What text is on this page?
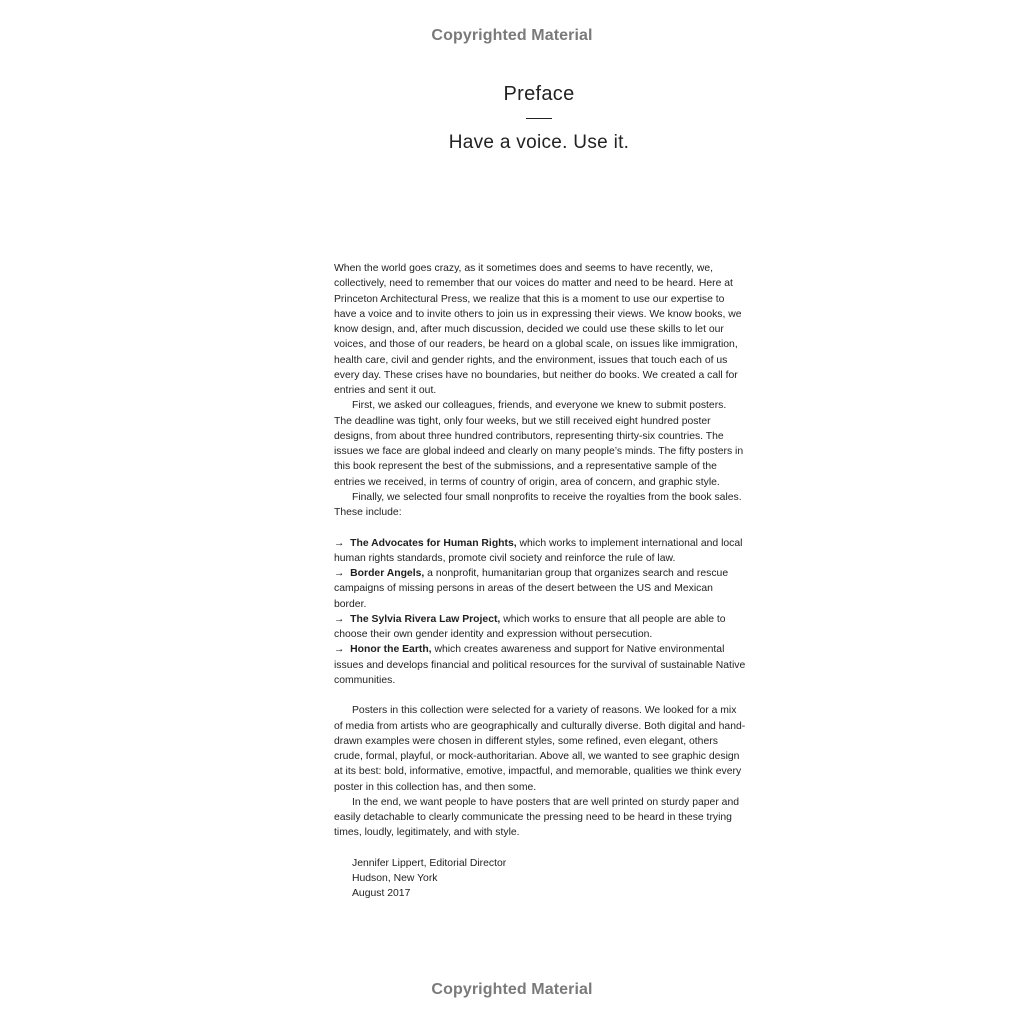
Copyrighted Material
Preface
Have a voice. Use it.

When the world goes crazy, as it sometimes does and seems to have recently, we, collectively, need to remember that our voices do matter and need to be heard. Here at Princeton Architectural Press, we realize that this is a moment to use our expertise to have a voice and to invite others to join us in expressing their views. We know books, we know design, and, after much discussion, decided we could use these skills to let our voices, and those of our readers, be heard on a global scale, on issues like immigration, health care, civil and gender rights, and the environment, issues that touch each of us every day. These crises have no boundaries, but neither do books. We created a call for entries and sent it out.

First, we asked our colleagues, friends, and everyone we knew to submit posters. The deadline was tight, only four weeks, but we still received eight hundred poster designs, from about three hundred contributors, representing thirty-six countries. The issues we face are global indeed and clearly on many people’s minds. The fifty posters in this book represent the best of the submissions, and a representative sample of the entries we received, in terms of country of origin, area of concern, and graphic style.

Finally, we selected four small nonprofits to receive the royalties from the book sales. These include:

→ The Advocates for Human Rights, which works to implement international and local human rights standards, promote civil society and reinforce the rule of law.

→ Border Angels, a nonprofit, humanitarian group that organizes search and rescue campaigns of missing persons in areas of the desert between the US and Mexican border.

→ The Sylvia Rivera Law Project, which works to ensure that all people are able to choose their own gender identity and expression without persecution.

→ Honor the Earth, which creates awareness and support for Native environmental issues and develops financial and political resources for the survival of sustainable Native communities.

Posters in this collection were selected for a variety of reasons. We looked for a mix of media from artists who are geographically and culturally diverse. Both digital and hand-drawn examples were chosen in different styles, some refined, even elegant, others crude, formal, playful, or mock-authoritarian. Above all, we wanted to see graphic design at its best: bold, informative, emotive, impactful, and memorable, qualities we think every poster in this collection has, and then some.

In the end, we want people to have posters that are well printed on sturdy paper and easily detachable to clearly communicate the pressing need to be heard in these trying times, loudly, legitimately, and with style.

Jennifer Lippert, Editorial Director

Hudson, New York

August 2017

Copyrighted Material
